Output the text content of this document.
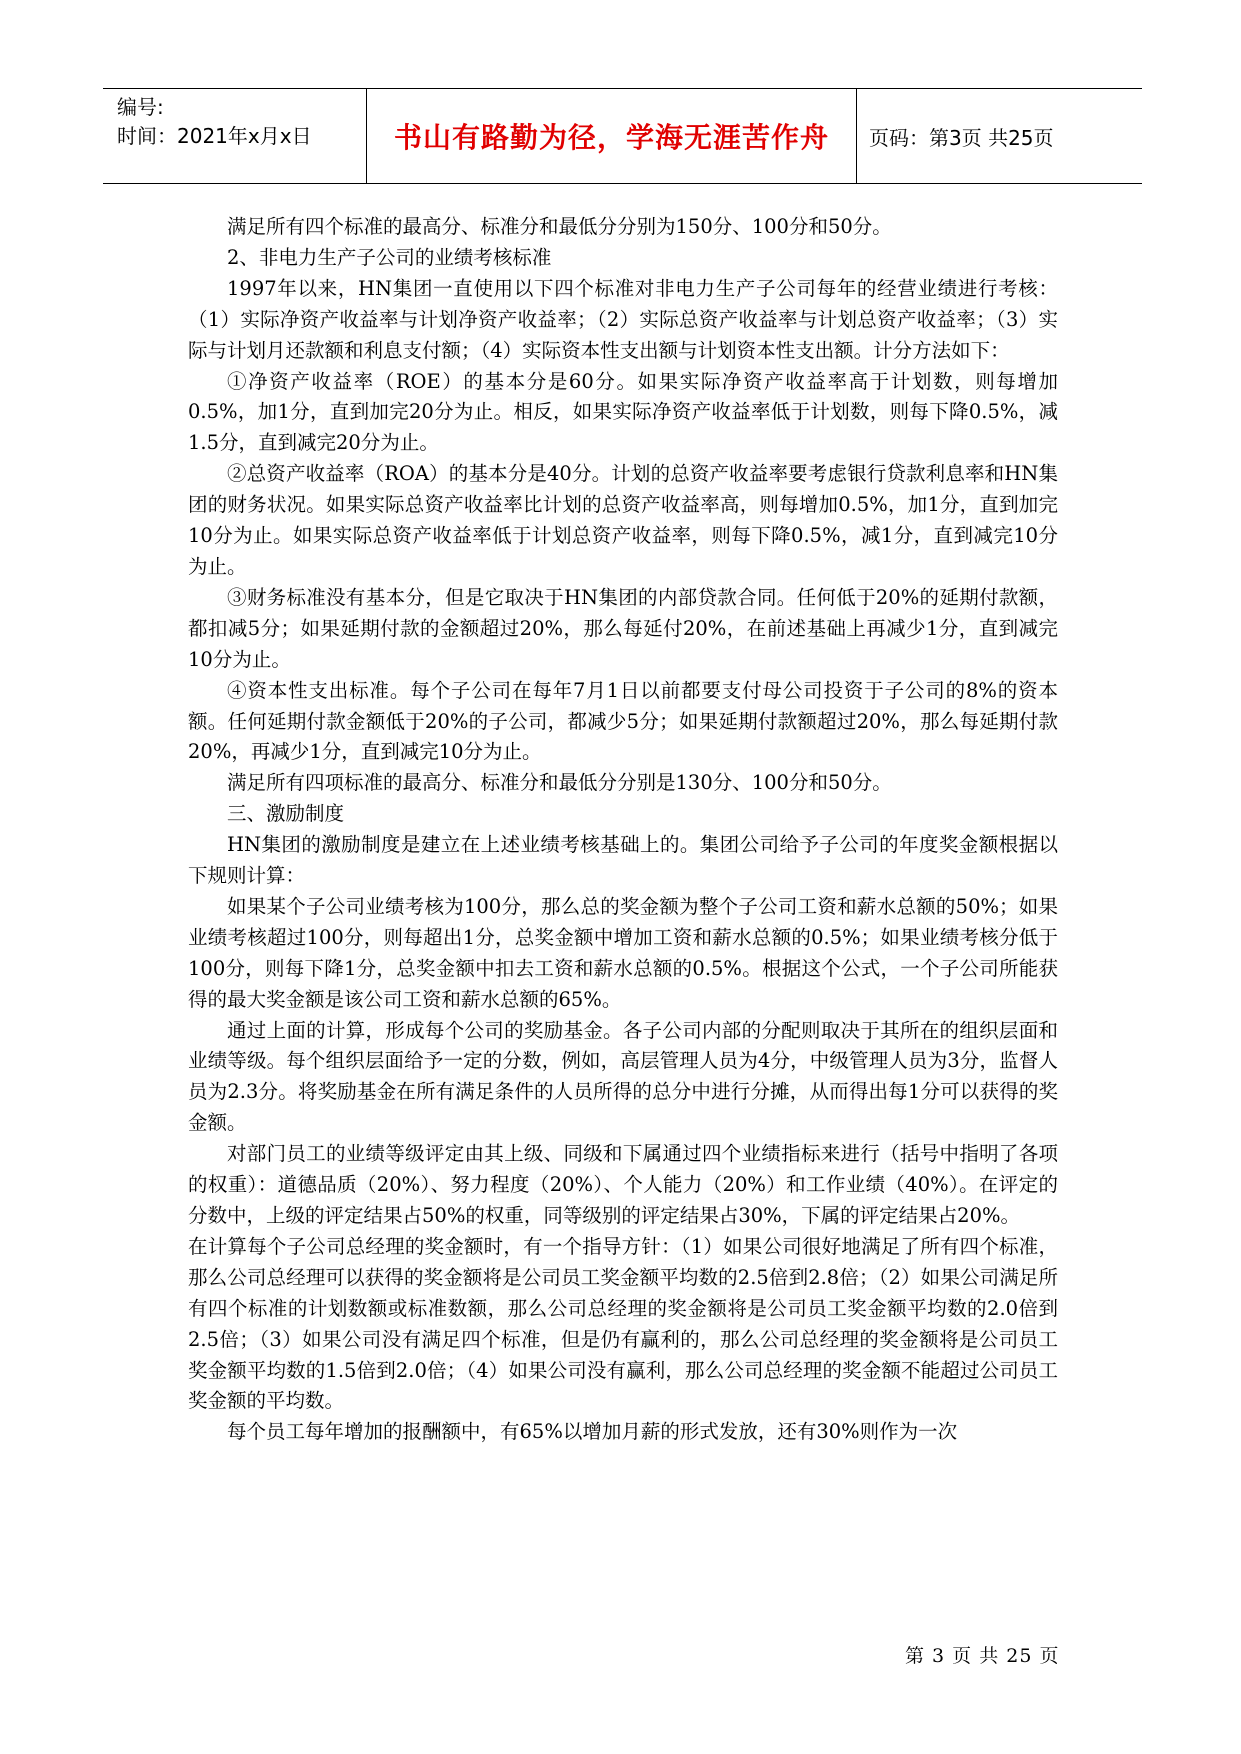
编号:
时间：2021年x月x日	书山有路勤为径，学海无涯苦作舟	页码：第3页 共25页

满足所有四个标准的最高分、标准分和最低分分别为150分、100分和50分。

2、非电力生产子公司的业绩考核标准

1997年以来，HN集团一直使用以下四个标准对非电力生产子公司每年的经营业绩进行考核：（1）实际净资产收益率与计划净资产收益率；（2）实际总资产收益率与计划总资产收益率；（3）实际与计划月还款额和利息支付额；（4）实际资本性支出额与计划资本性支出额。计分方法如下：

①净资产收益率（ROE）的基本分是60分。如果实际净资产收益率高于计划数，则每增加0.5%，加1分，直到加完20分为止。相反，如果实际净资产收益率低于计划数，则每下降0.5%，减1.5分，直到减完20分为止。

②总资产收益率（ROA）的基本分是40分。计划的总资产收益率要考虑银行贷款利息率和HN集团的财务状况。如果实际总资产收益率比计划的总资产收益率高，则每增加0.5%，加1分，直到加完10分为止。如果实际总资产收益率低于计划总资产收益率，则每下降0.5%，减1分，直到减完10分为止。

③财务标准没有基本分，但是它取决于HN集团的内部贷款合同。任何低于20%的延期付款额，都扣减5分；如果延期付款的金额超过20%，那么每延付20%，在前述基础上再减少1分，直到减完10分为止。

④资本性支出标准。每个子公司在每年7月1日以前都要支付母公司投资于子公司的8%的资本额。任何延期付款金额低于20%的子公司，都减少5分；如果延期付款额超过20%，那么每延期付款20%，再减少1分，直到减完10分为止。

满足所有四项标准的最高分、标准分和最低分分别是130分、100分和50分。

三、激励制度

HN集团的激励制度是建立在上述业绩考核基础上的。集团公司给予子公司的年度奖金额根据以下规则计算：

如果某个子公司业绩考核为100分，那么总的奖金额为整个子公司工资和薪水总额的50%；如果业绩考核超过100分，则每超出1分，总奖金额中增加工资和薪水总额的0.5%；如果业绩考核分低于100分，则每下降1分，总奖金额中扣去工资和薪水总额的0.5%。根据这个公式，一个子公司所能获得的最大奖金额是该公司工资和薪水总额的65%。

通过上面的计算，形成每个公司的奖励基金。各子公司内部的分配则取决于其所在的组织层面和业绩等级。每个组织层面给予一定的分数，例如，高层管理人员为4分，中级管理人员为3分，监督人员为2.3分。将奖励基金在所有满足条件的人员所得的总分中进行分摊，从而得出每1分可以获得的奖金额。

对部门员工的业绩等级评定由其上级、同级和下属通过四个业绩指标来进行（括号中指明了各项的权重）：道德品质（20%）、努力程度（20%）、个人能力（20%）和工作业绩（40%）。在评定的分数中，上级的评定结果占50%的权重，同等级别的评定结果占30%，下属的评定结果占20%。

在计算每个子公司总经理的奖金额时，有一个指导方针：（1）如果公司很好地满足了所有四个标准，那么公司总经理可以获得的奖金额将是公司员工奖金额平均数的2.5倍到2.8倍；（2）如果公司满足所有四个标准的计划数额或标准数额，那么公司总经理的奖金额将是公司员工奖金额平均数的2.0倍到2.5倍；（3）如果公司没有满足四个标准，但是仍有赢利的，那么公司总经理的奖金额将是公司员工奖金额平均数的1.5倍到2.0倍；（4）如果公司没有赢利，那么公司总经理的奖金额不能超过公司员工奖金额的平均数。

每个员工每年增加的报酬额中，有65%以增加月薪的形式发放，还有30%则作为一次

第 3 页 共 25 页
